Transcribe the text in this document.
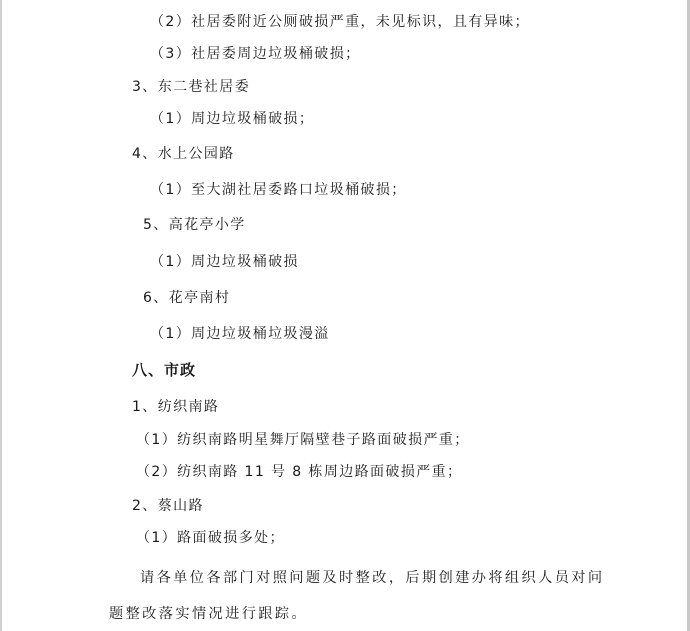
（2）社居委附近公厕破损严重，未见标识，且有异味；
（3）社居委周边垃圾桶破损；
3、东二巷社居委
（1）周边垃圾桶破损；
4、水上公园路
（1）至大湖社居委路口垃圾桶破损；
5、高花亭小学
（1）周边垃圾桶破损
6、花亭南村
（1）周边垃圾桶垃圾漫溢
八、市政
1、纺织南路
（1）纺织南路明星舞厅隔壁巷子路面破损严重；
（2）纺织南路 11 号 8 栋周边路面破损严重；
2、蔡山路
（1）路面破损多处；
请各单位各部门对照问题及时整改，后期创建办将组织人员对问
题整改落实情况进行跟踪。
